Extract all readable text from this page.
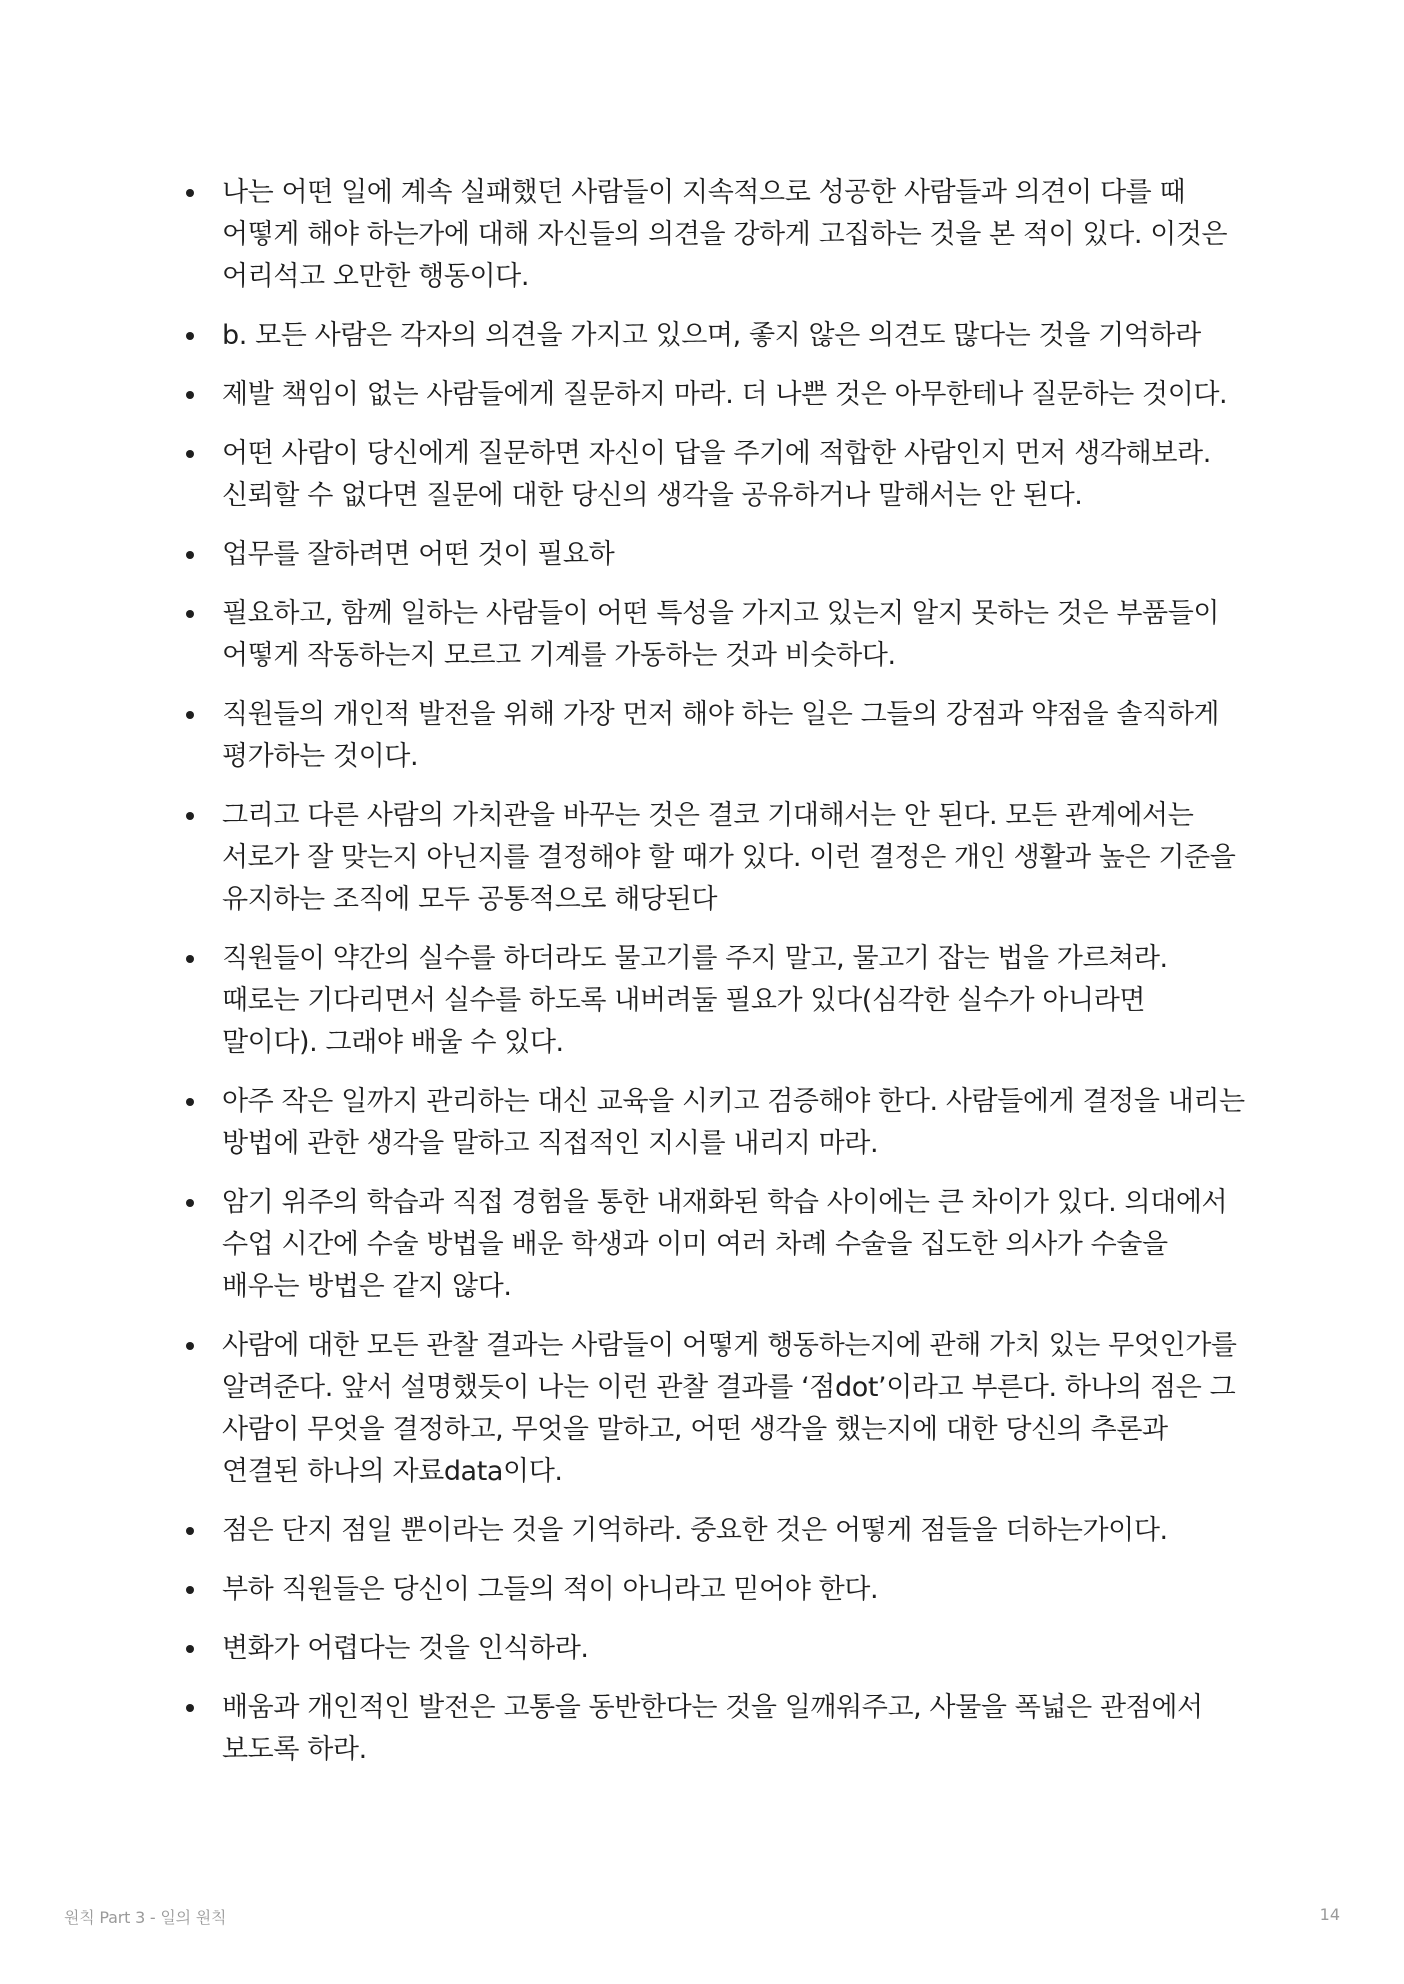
나는 어떤 일에 계속 실패했던 사람들이 지속적으로 성공한 사람들과 의견이 다를 때 어떻게 해야 하는가에 대해 자신들의 의견을 강하게 고집하는 것을 본 적이 있다. 이것은 어리석고 오만한 행동이다.
b. 모든 사람은 각자의 의견을 가지고 있으며, 좋지 않은 의견도 많다는 것을 기억하라
제발 책임이 없는 사람들에게 질문하지 마라. 더 나쁜 것은 아무한테나 질문하는 것이다.
어떤 사람이 당신에게 질문하면 자신이 답을 주기에 적합한 사람인지 먼저 생각해보라. 신뢰할 수 없다면 질문에 대한 당신의 생각을 공유하거나 말해서는 안 된다.
업무를 잘하려면 어떤 것이 필요하
필요하고, 함께 일하는 사람들이 어떤 특성을 가지고 있는지 알지 못하는 것은 부품들이 어떻게 작동하는지 모르고 기계를 가동하는 것과 비슷하다.
직원들의 개인적 발전을 위해 가장 먼저 해야 하는 일은 그들의 강점과 약점을 솔직하게 평가하는 것이다.
그리고 다른 사람의 가치관을 바꾸는 것은 결코 기대해서는 안 된다. 모든 관계에서는 서로가 잘 맞는지 아닌지를 결정해야 할 때가 있다. 이런 결정은 개인 생활과 높은 기준을 유지하는 조직에 모두 공통적으로 해당된다
직원들이 약간의 실수를 하더라도 물고기를 주지 말고, 물고기 잡는 법을 가르쳐라. 때로는 기다리면서 실수를 하도록 내버려둘 필요가 있다(심각한 실수가 아니라면 말이다). 그래야 배울 수 있다.
아주 작은 일까지 관리하는 대신 교육을 시키고 검증해야 한다. 사람들에게 결정을 내리는 방법에 관한 생각을 말하고 직접적인 지시를 내리지 마라.
암기 위주의 학습과 직접 경험을 통한 내재화된 학습 사이에는 큰 차이가 있다. 의대에서 수업 시간에 수술 방법을 배운 학생과 이미 여러 차례 수술을 집도한 의사가 수술을 배우는 방법은 같지 않다.
사람에 대한 모든 관찰 결과는 사람들이 어떻게 행동하는지에 관해 가치 있는 무엇인가를 알려준다. 앞서 설명했듯이 나는 이런 관찰 결과를 ‘점dot’이라고 부른다. 하나의 점은 그 사람이 무엇을 결정하고, 무엇을 말하고, 어떤 생각을 했는지에 대한 당신의 추론과 연결된 하나의 자료data이다.
점은 단지 점일 뿐이라는 것을 기억하라. 중요한 것은 어떻게 점들을 더하는가이다.
부하 직원들은 당신이 그들의 적이 아니라고 믿어야 한다.
변화가 어렵다는 것을 인식하라.
배움과 개인적인 발전은 고통을 동반한다는 것을 일깨워주고, 사물을 폭넓은 관점에서 보도록 하라.
원칙 Part 3 - 일의 원칙	14
